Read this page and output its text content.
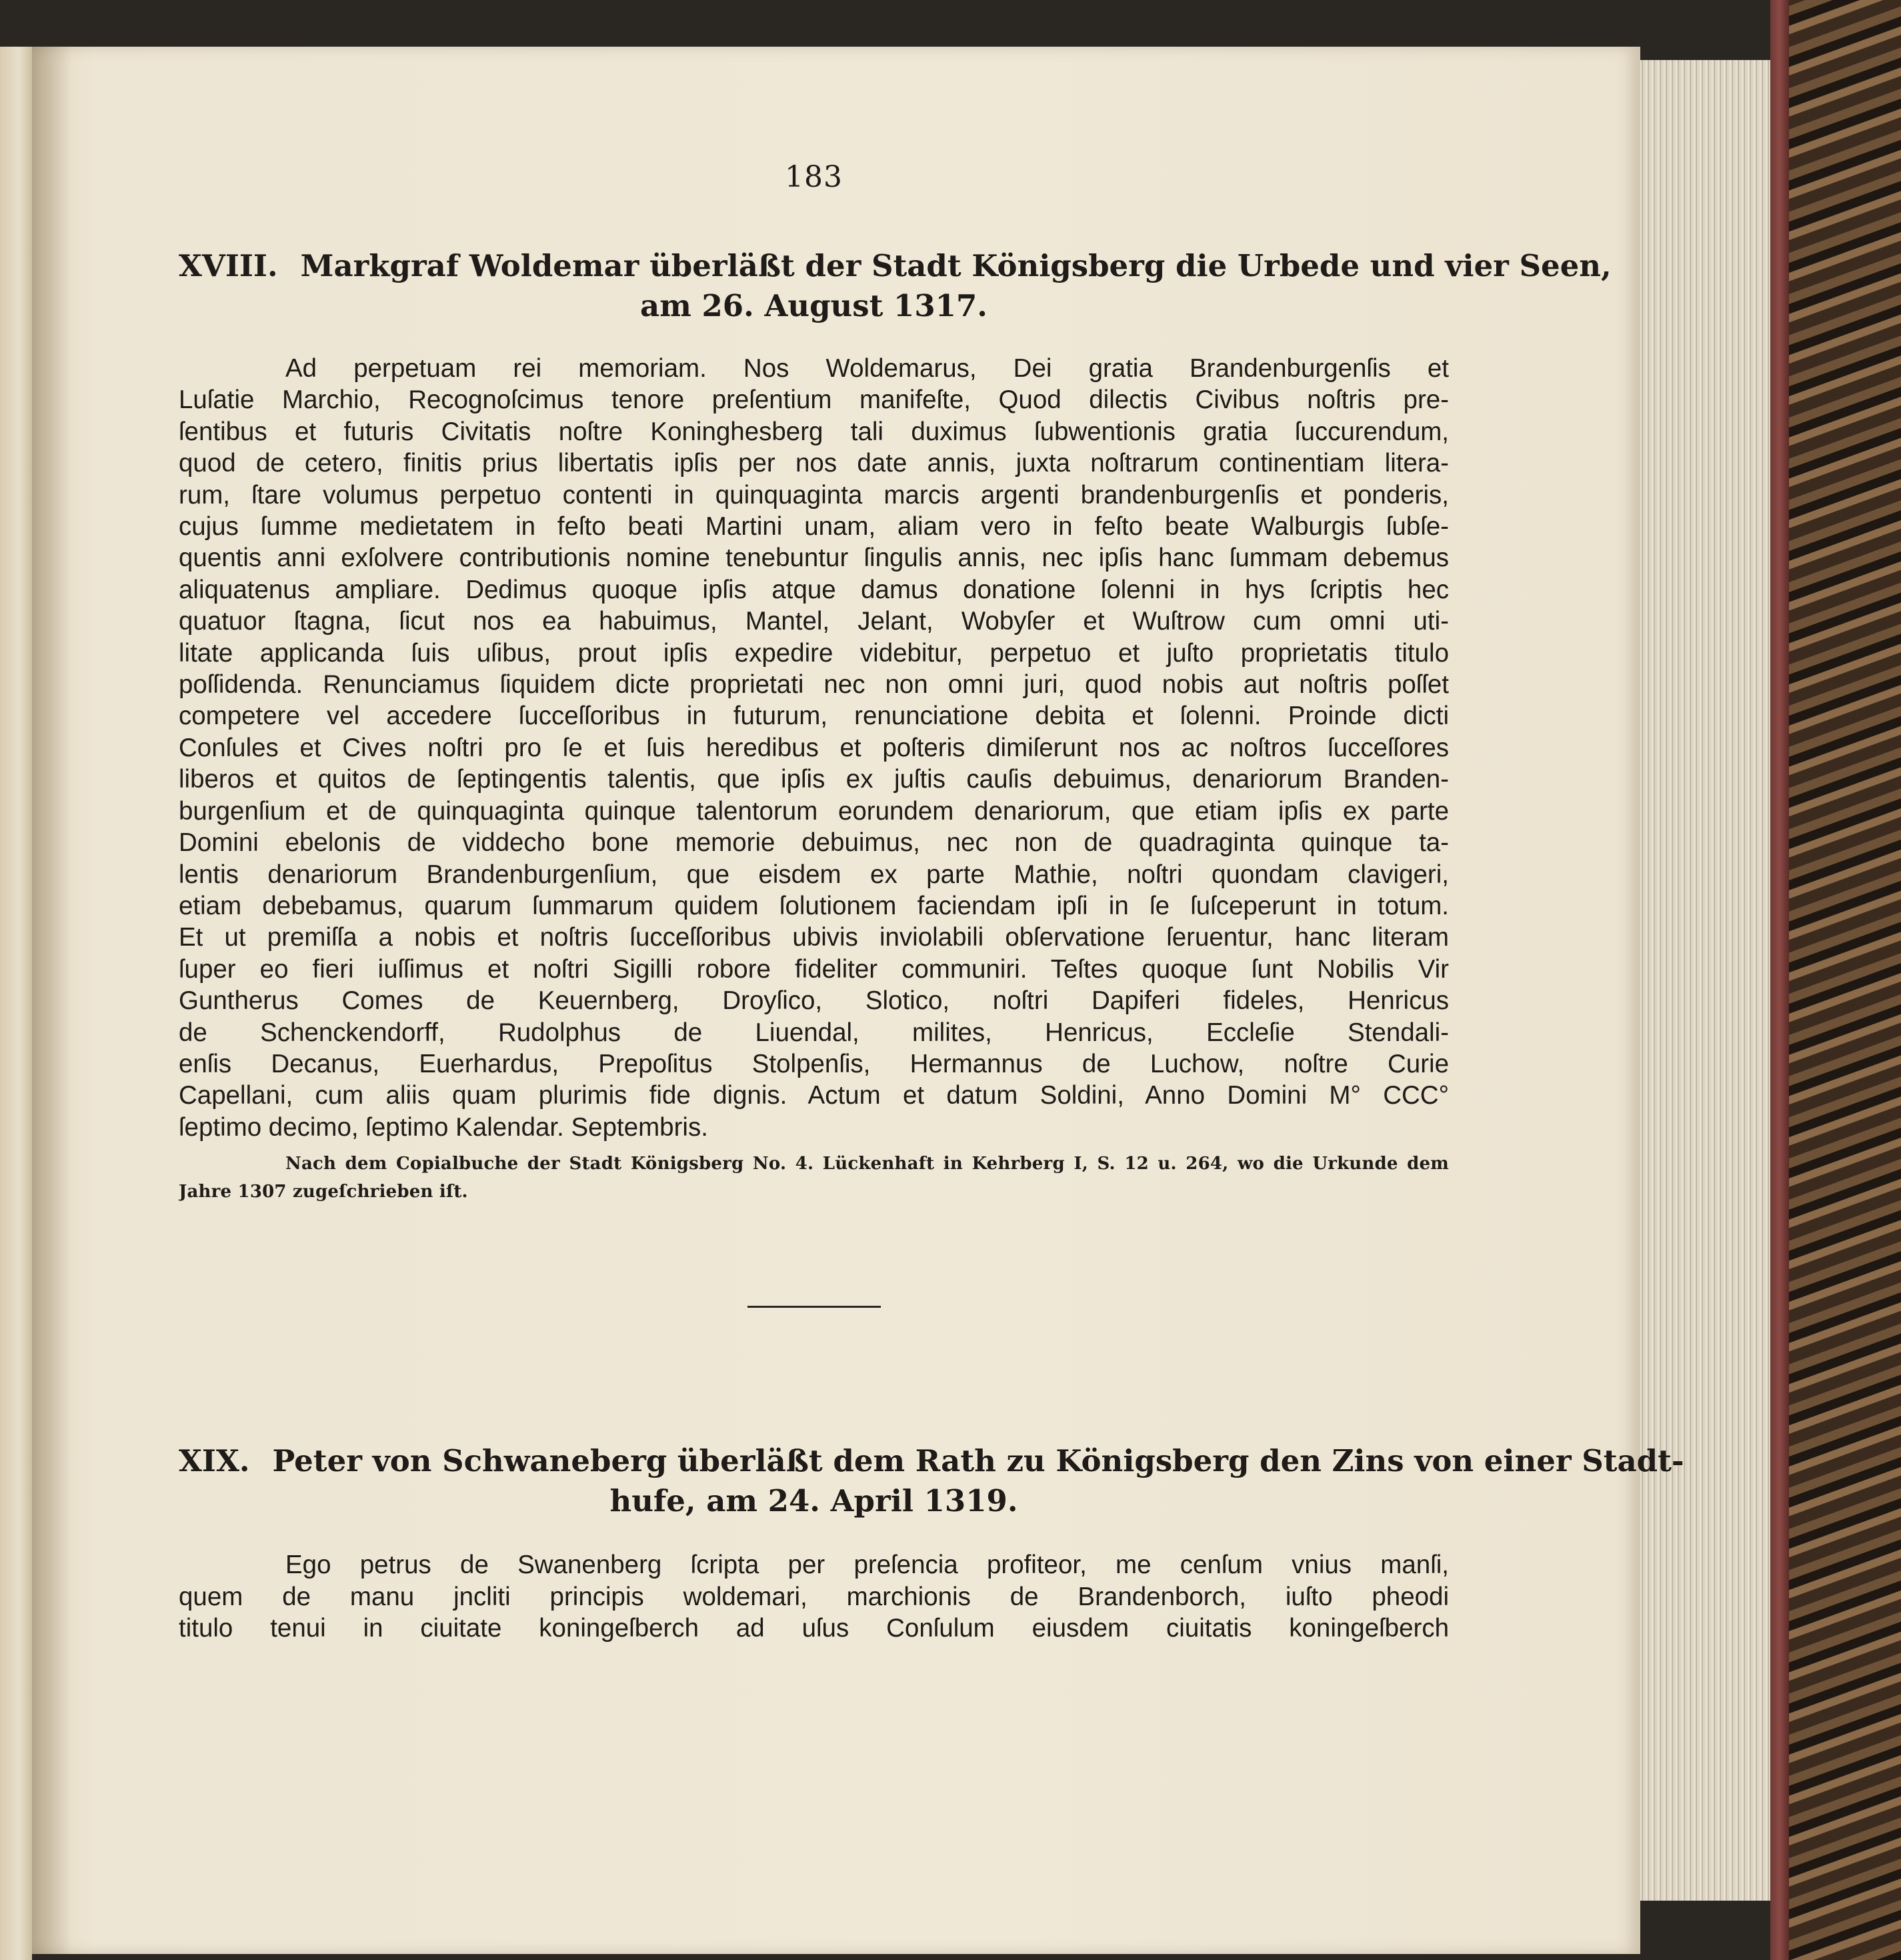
183
XVIII. Markgraf Woldemar überläßt der Stadt Königsberg die Urbede und vier Seen,
am 26. August 1317.
Ad perpetuam rei memoriam. Nos Woldemarus, Dei gratia Brandenburgenſis et
Luſatie Marchio, Recognoſcimus tenore preſentium manifeſte, Quod dilectis Civibus noſtris pre-
ſentibus et futuris Civitatis noſtre Koninghesberg tali duximus ſubwentionis gratia ſuccurendum,
quod de cetero, finitis prius libertatis ipſis per nos date annis, juxta noſtrarum continentiam litera-
rum, ſtare volumus perpetuo contenti in quinquaginta marcis argenti brandenburgenſis et ponderis,
cujus ſumme medietatem in feſto beati Martini unam, aliam vero in feſto beate Walburgis ſubſe-
quentis anni exſolvere contributionis nomine tenebuntur ſingulis annis, nec ipſis hanc ſummam debemus
aliquatenus ampliare. Dedimus quoque ipſis atque damus donatione ſolenni in hys ſcriptis hec
quatuor ſtagna, ſicut nos ea habuimus, Mantel, Jelant, Wobyſer et Wuſtrow cum omni uti-
litate applicanda ſuis uſibus, prout ipſis expedire videbitur, perpetuo et juſto proprietatis titulo
poſſidenda. Renunciamus ſiquidem dicte proprietati nec non omni juri, quod nobis aut noſtris poſſet
competere vel accedere ſucceſſoribus in futurum, renunciatione debita et ſolenni. Proinde dicti
Conſules et Cives noſtri pro ſe et ſuis heredibus et poſteris dimiſerunt nos ac noſtros ſucceſſores
liberos et quitos de ſeptingentis talentis, que ipſis ex juſtis cauſis debuimus, denariorum Branden-
burgenſium et de quinquaginta quinque talentorum eorundem denariorum, que etiam ipſis ex parte
Domini ebelonis de viddecho bone memorie debuimus, nec non de quadraginta quinque ta-
lentis denariorum Brandenburgenſium, que eisdem ex parte Mathie, noſtri quondam clavigeri,
etiam debebamus, quarum ſummarum quidem ſolutionem faciendam ipſi in ſe ſuſceperunt in totum.
Et ut premiſſa a nobis et noſtris ſucceſſoribus ubivis inviolabili obſervatione ſeruentur, hanc literam
ſuper eo fieri iuſſimus et noſtri Sigilli robore fideliter communiri. Teſtes quoque ſunt Nobilis Vir
Guntherus Comes de Keuernberg, Droyſico, Slotico, noſtri Dapiferi fideles, Henricus
de Schenckendorff, Rudolphus de Liuendal, milites, Henricus, Eccleſie Stendali-
enſis Decanus, Euerhardus, Prepoſitus Stolpenſis, Hermannus de Luchow, noſtre Curie
Capellani, cum aliis quam plurimis fide dignis. Actum et datum Soldini, Anno Domini M° CCC°
ſeptimo decimo, ſeptimo Kalendar. Septembris.
Nach dem Copialbuche der Stadt Königsberg No. 4. Lückenhaft in Kehrberg I, S. 12 u. 264, wo die Urkunde dem
Jahre 1307 zugeſchrieben iſt.
XIX. Peter von Schwaneberg überläßt dem Rath zu Königsberg den Zins von einer Stadt-
hufe, am 24. April 1319.
Ego petrus de Swanenberg ſcripta per preſencia profiteor, me cenſum vnius manſi,
quem de manu jncliti principis woldemari, marchionis de Brandenborch, iuſto pheodi
titulo tenui in ciuitate koningeſberch ad uſus Conſulum eiusdem ciuitatis koningeſberch
